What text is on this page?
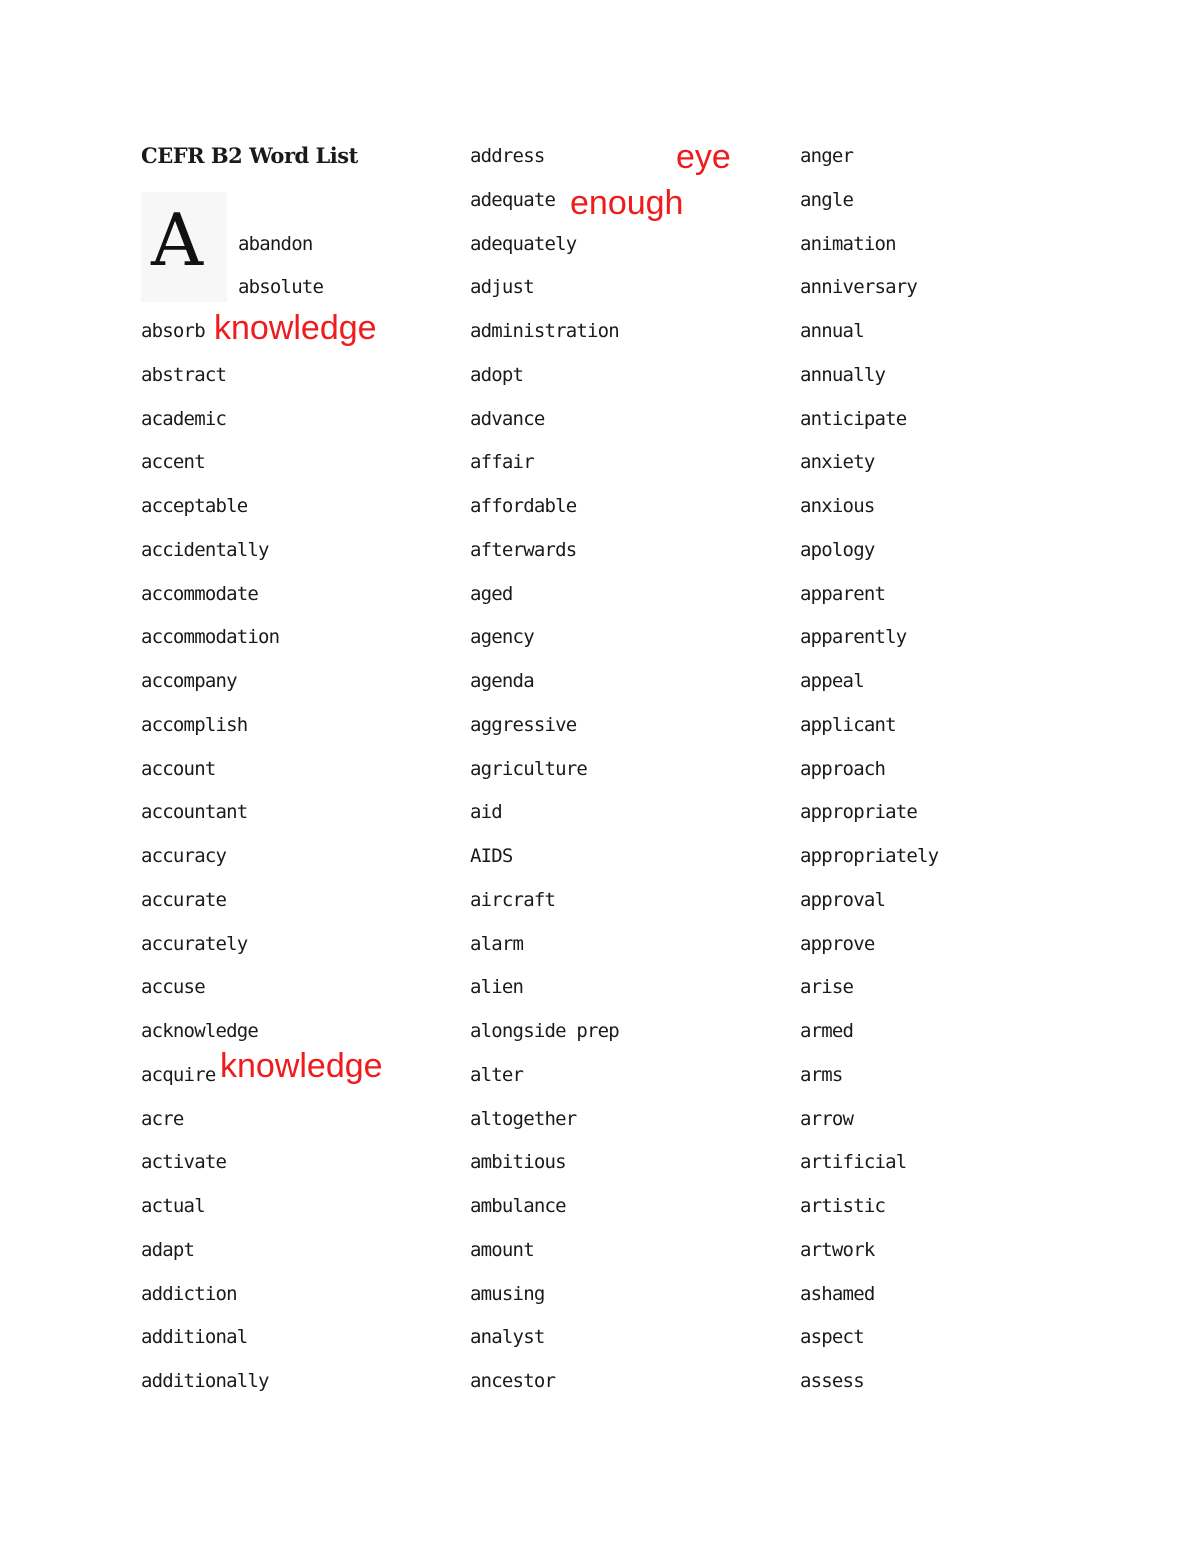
CEFR B2 Word List
A abandon
absolute
absorb
abstract
academic
accent
acceptable
accidentally
accommodate
accommodation
accompany
accomplish
account
accountant
accuracy
accurate
accurately
accuse
acknowledge
acquire
acre
activate
actual
adapt
addiction
additional
additionally
address
adequate
adequately
adjust
administration
adopt
advance
affair
affordable
afterwards
aged
agency
agenda
aggressive
agriculture
aid
AIDS
aircraft
alarm
alien
alongside prep
alter
altogether
ambitious
ambulance
amount
amusing
analyst
ancestor
anger
angle
animation
anniversary
annual
annually
anticipate
anxiety
anxious
apology
apparent
apparently
appeal
applicant
approach
appropriate
appropriately
approval
approve
arise
armed
arms
arrow
artificial
artistic
artwork
ashamed
aspect
assess
knowledge
knowledge
eye
enough
